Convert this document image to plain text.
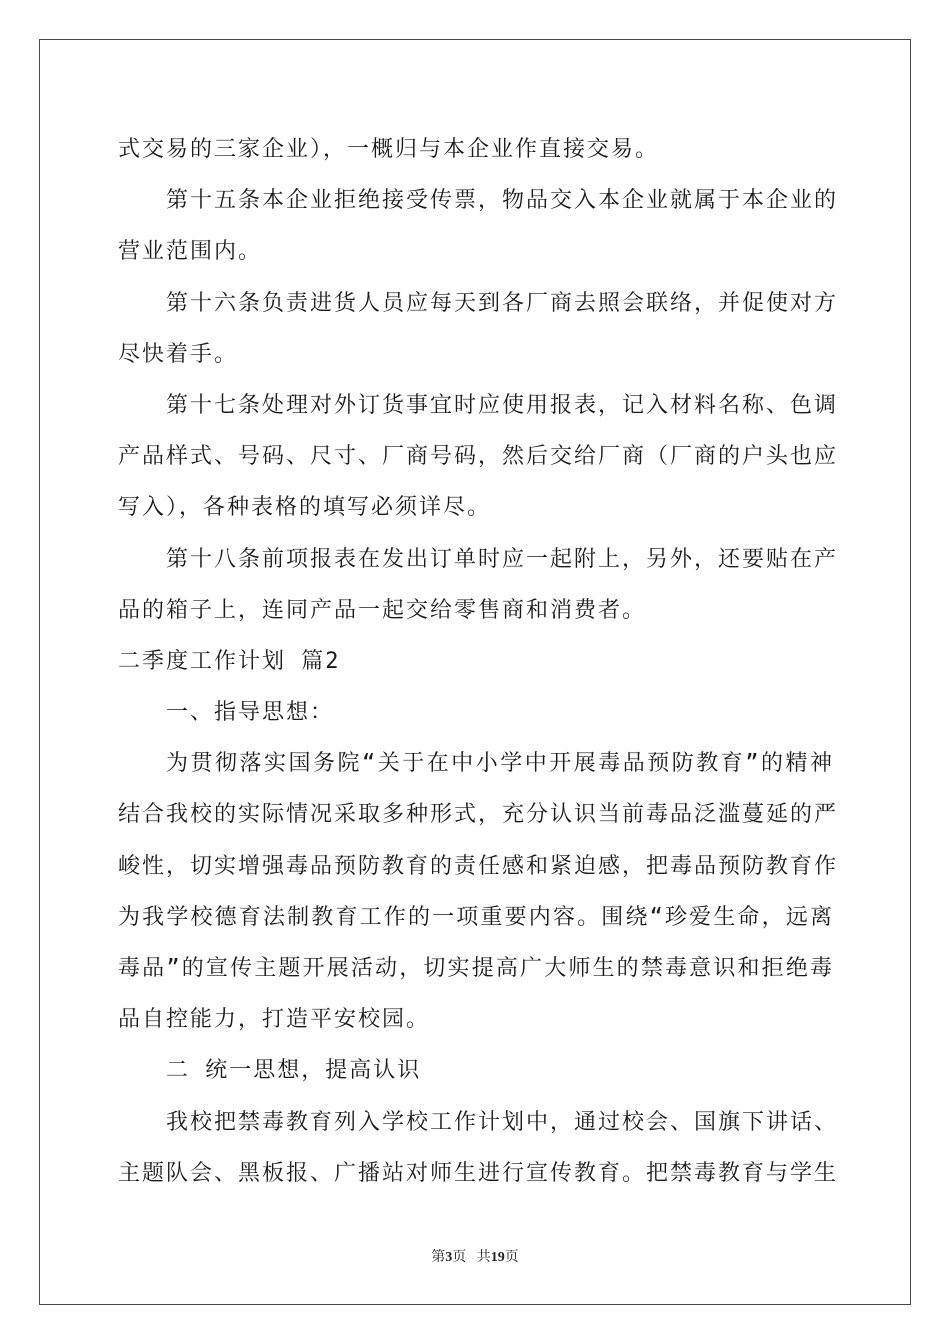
式交易的三家企业），一概归与本企业作直接交易。
第十五条本企业拒绝接受传票，物品交入本企业就属于本企业的
营业范围内。
第十六条负责进货人员应每天到各厂商去照会联络，并促使对方
尽快着手。
第十七条处理对外订货事宜时应使用报表，记入材料名称、色调
产品样式、号码、尺寸、厂商号码，然后交给厂商（厂商的户头也应
写入），各种表格的填写必须详尽。
第十八条前项报表在发出订单时应一起附上，另外，还要贴在产
品的箱子上，连同产品一起交给零售商和消费者。
二季度工作计划 篇2
一、指导思想：
为贯彻落实国务院“关于在中小学中开展毒品预防教育”的精神
结合我校的实际情况采取多种形式，充分认识当前毒品泛滥蔓延的严
峻性，切实增强毒品预防教育的责任感和紧迫感，把毒品预防教育作
为我学校德育法制教育工作的一项重要内容。围绕“珍爱生命，远离
毒品”的宣传主题开展活动，切实提高广大师生的禁毒意识和拒绝毒
品自控能力，打造平安校园。
二 统一思想，提高认识
我校把禁毒教育列入学校工作计划中，通过校会、国旗下讲话、
主题队会、黑板报、广播站对师生进行宣传教育。把禁毒教育与学生
第3页 共19页
